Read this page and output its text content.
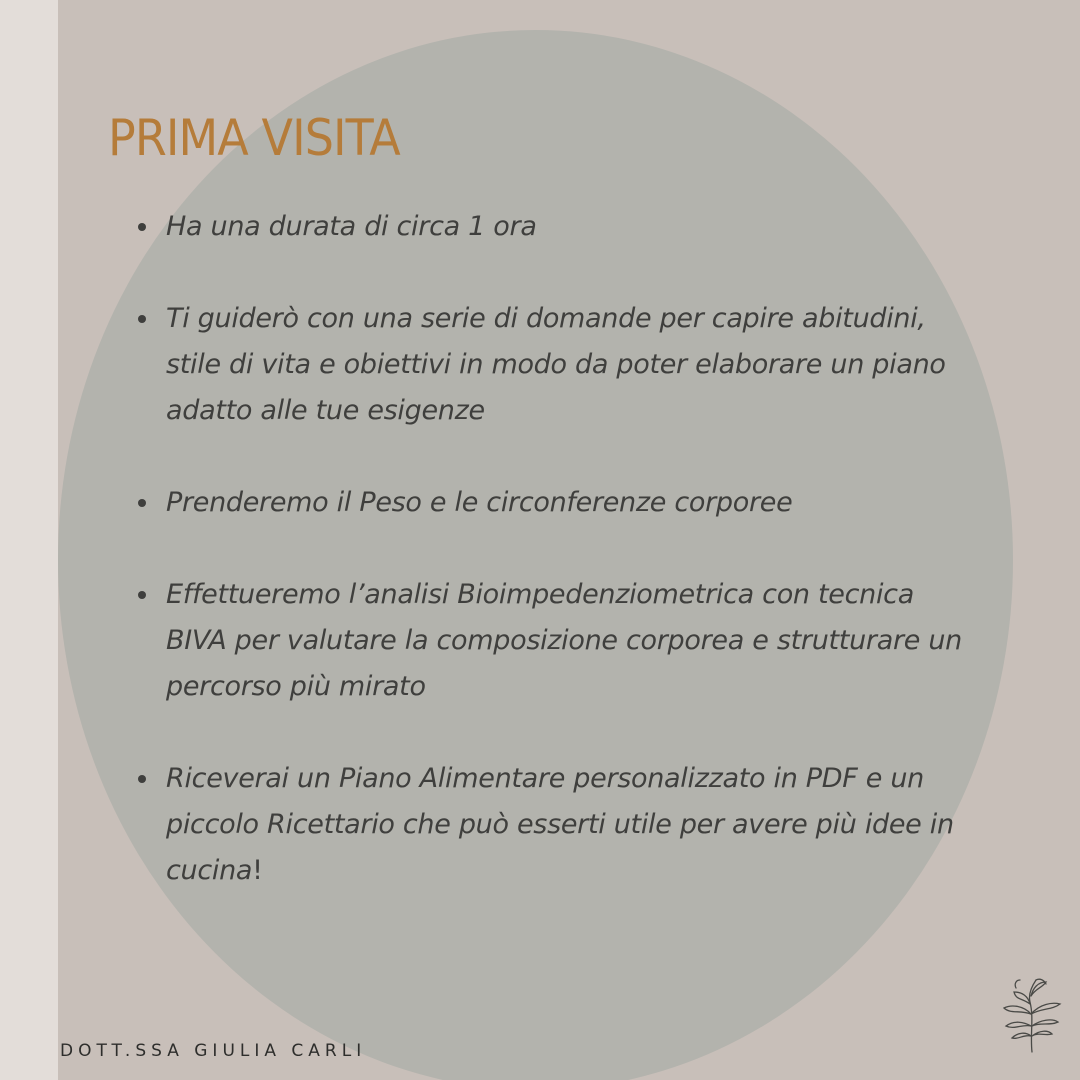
PRIMA VISITA
Ha una durata di circa 1 ora
Ti guiderò con una serie di domande per capire abitudini, stile di vita e obiettivi in modo da poter elaborare un piano adatto alle tue esigenze
Prenderemo il Peso e le circonferenze corporee
Effettueremo l’analisi Bioimpedenziometrica con tecnica BIVA per valutare la composizione corporea e strutturare un percorso più mirato
Riceverai un Piano Alimentare personalizzato in PDF e un piccolo Ricettario che può esserti utile per avere più idee in cucina!
DOTT.SSA GIULIA CARLI
